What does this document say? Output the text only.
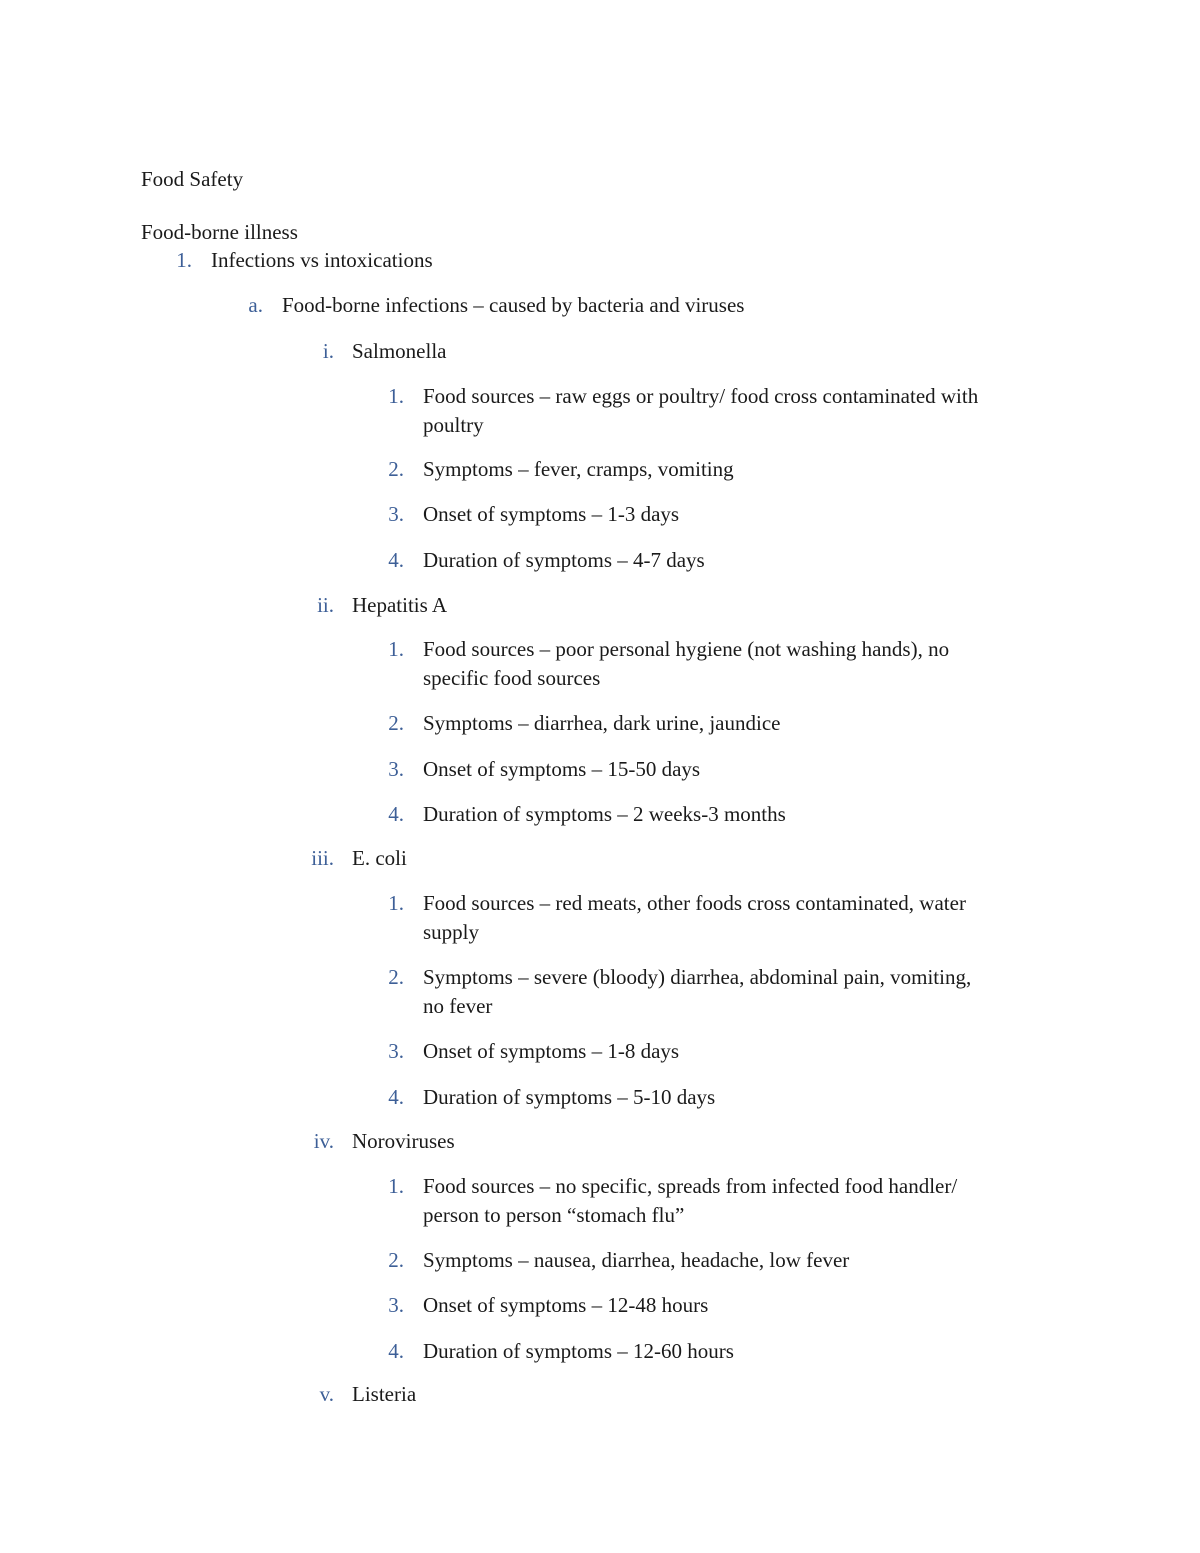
Food Safety
Food-borne illness
1. Infections vs intoxications
a. Food-borne infections – caused by bacteria and viruses
i. Salmonella
1. Food sources – raw eggs or poultry/ food cross contaminated with
poultry
2. Symptoms – fever, cramps, vomiting
3. Onset of symptoms – 1-3 days
4. Duration of symptoms – 4-7 days
ii. Hepatitis A
1. Food sources – poor personal hygiene (not washing hands), no
specific food sources
2. Symptoms – diarrhea, dark urine, jaundice
3. Onset of symptoms – 15-50 days
4. Duration of symptoms – 2 weeks-3 months
iii. E. coli
1. Food sources – red meats, other foods cross contaminated, water
supply
2. Symptoms – severe (bloody) diarrhea, abdominal pain, vomiting,
no fever
3. Onset of symptoms – 1-8 days
4. Duration of symptoms – 5-10 days
iv. Noroviruses
1. Food sources – no specific, spreads from infected food handler/
person to person “stomach flu”
2. Symptoms – nausea, diarrhea, headache, low fever
3. Onset of symptoms – 12-48 hours
4. Duration of symptoms – 12-60 hours
v. Listeria
